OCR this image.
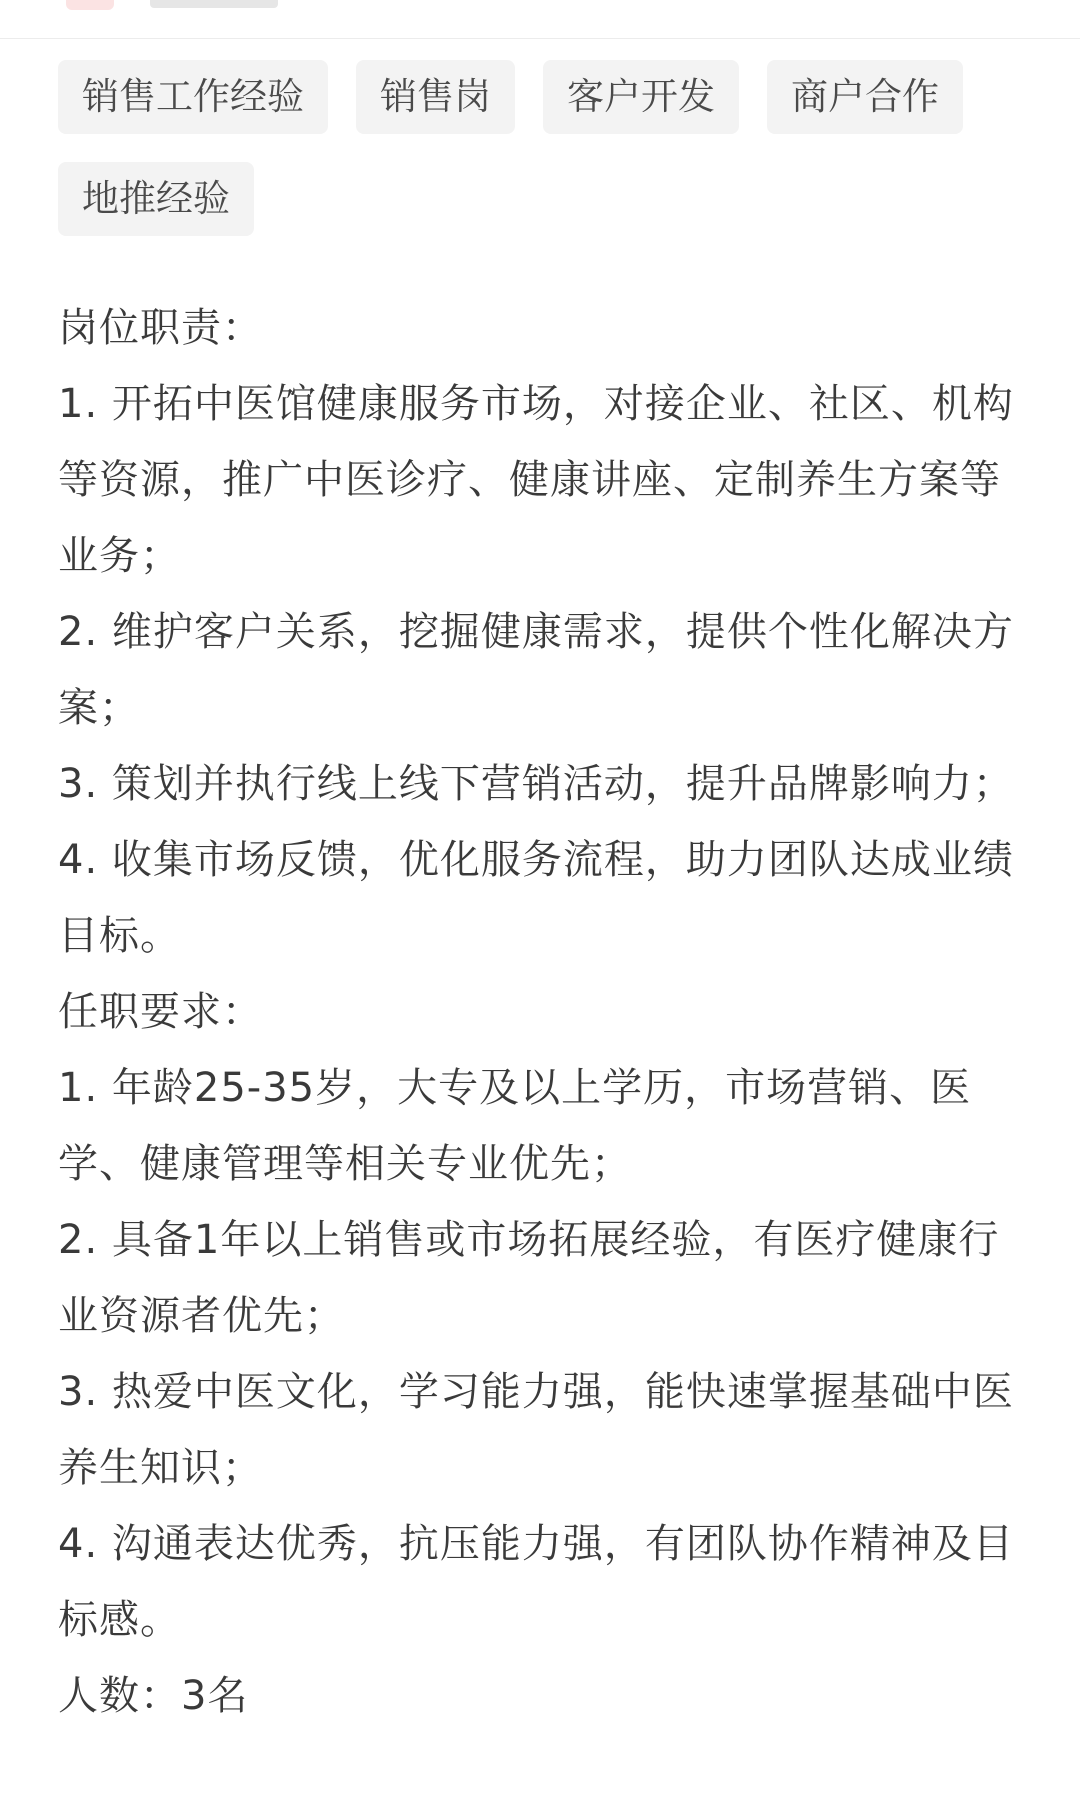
销售工作经验	销售岗	客户开发	商户合作
地推经验
岗位职责：
1. 开拓中医馆健康服务市场，对接企业、社区、机构等资源，推广中医诊疗、健康讲座、定制养生方案等业务；
2. 维护客户关系，挖掘健康需求，提供个性化解决方案；
3. 策划并执行线上线下营销活动，提升品牌影响力；
4. 收集市场反馈，优化服务流程，助力团队达成业绩目标。
任职要求：
1. 年龄25-35岁，大专及以上学历，市场营销、医学、健康管理等相关专业优先；
2. 具备1年以上销售或市场拓展经验，有医疗健康行业资源者优先；
3. 热爱中医文化，学习能力强，能快速掌握基础中医养生知识；
4. 沟通表达优秀，抗压能力强，有团队协作精神及目标感。
人数：3名
